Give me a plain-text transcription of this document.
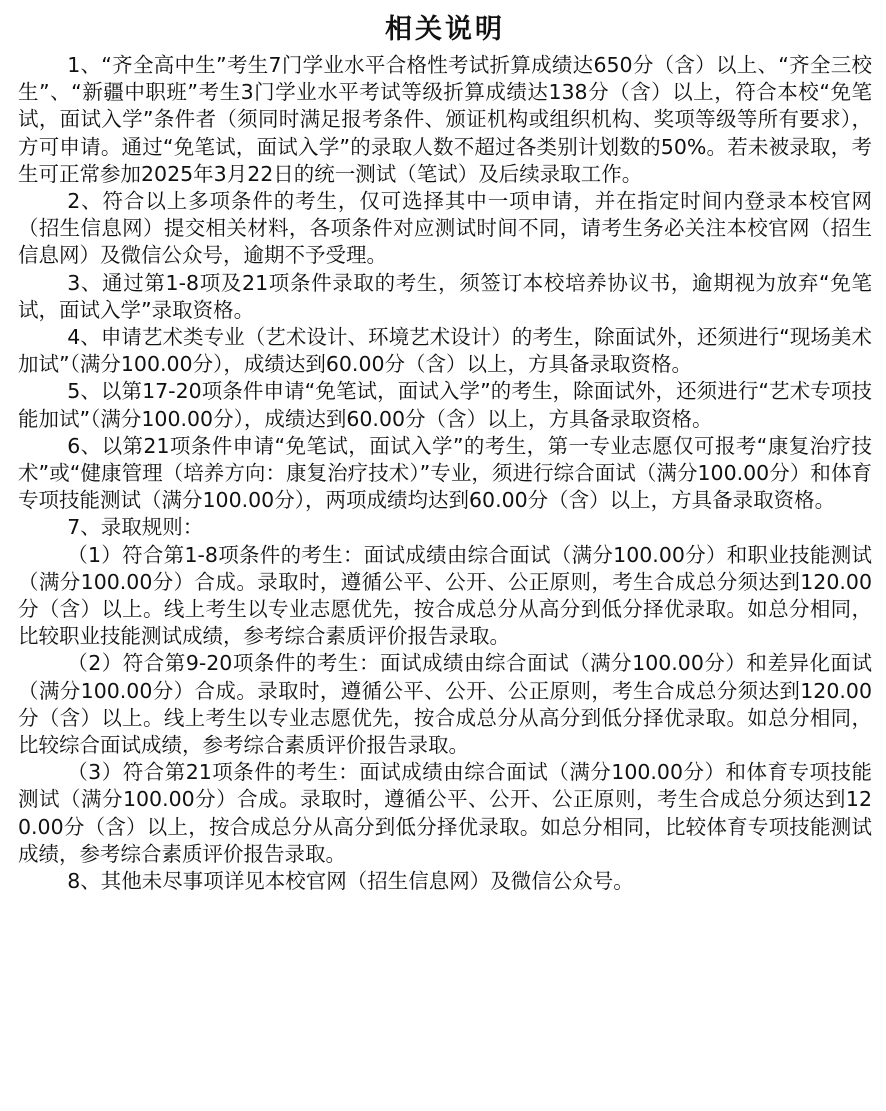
相关说明

1、“齐全高中生”考生7门学业水平合格性考试折算成绩达650分（含）以上、“齐全三校生”、“新疆中职班”考生3门学业水平考试等级折算成绩达138分（含）以上，符合本校“免笔试，面试入学”条件者（须同时满足报考条件、颁证机构或组织机构、奖项等级等所有要求），方可申请。通过“免笔试，面试入学”的录取人数不超过各类别计划数的50%。若未被录取，考生可正常参加2025年3月22日的统一测试（笔试）及后续录取工作。

2、符合以上多项条件的考生，仅可选择其中一项申请，并在指定时间内登录本校官网（招生信息网）提交相关材料，各项条件对应测试时间不同，请考生务必关注本校官网（招生信息网）及微信公众号，逾期不予受理。

3、通过第1-8项及21项条件录取的考生，须签订本校培养协议书，逾期视为放弃“免笔试，面试入学”录取资格。

4、申请艺术类专业（艺术设计、环境艺术设计）的考生，除面试外，还须进行“现场美术加试”（满分100.00分），成绩达到60.00分（含）以上，方具备录取资格。

5、以第17-20项条件申请“免笔试，面试入学”的考生，除面试外，还须进行“艺术专项技能加试”（满分100.00分），成绩达到60.00分（含）以上，方具备录取资格。

6、以第21项条件申请“免笔试，面试入学”的考生，第一专业志愿仅可报考“康复治疗技术”或“健康管理（培养方向：康复治疗技术）”专业，须进行综合面试（满分100.00分）和体育专项技能测试（满分100.00分），两项成绩均达到60.00分（含）以上，方具备录取资格。

7、录取规则：

（1）符合第1-8项条件的考生：面试成绩由综合面试（满分100.00分）和职业技能测试（满分100.00分）合成。录取时，遵循公平、公开、公正原则，考生合成总分须达到120.00分（含）以上。线上考生以专业志愿优先，按合成总分从高分到低分择优录取。如总分相同，比较职业技能测试成绩，参考综合素质评价报告录取。

（2）符合第9-20项条件的考生：面试成绩由综合面试（满分100.00分）和差异化面试（满分100.00分）合成。录取时，遵循公平、公开、公正原则，考生合成总分须达到120.00分（含）以上。线上考生以专业志愿优先，按合成总分从高分到低分择优录取。如总分相同，比较综合面试成绩，参考综合素质评价报告录取。

（3）符合第21项条件的考生：面试成绩由综合面试（满分100.00分）和体育专项技能测试（满分100.00分）合成。录取时，遵循公平、公开、公正原则，考生合成总分须达到120.00分（含）以上，按合成总分从高分到低分择优录取。如总分相同，比较体育专项技能测试成绩，参考综合素质评价报告录取。

8、其他未尽事项详见本校官网（招生信息网）及微信公众号。
